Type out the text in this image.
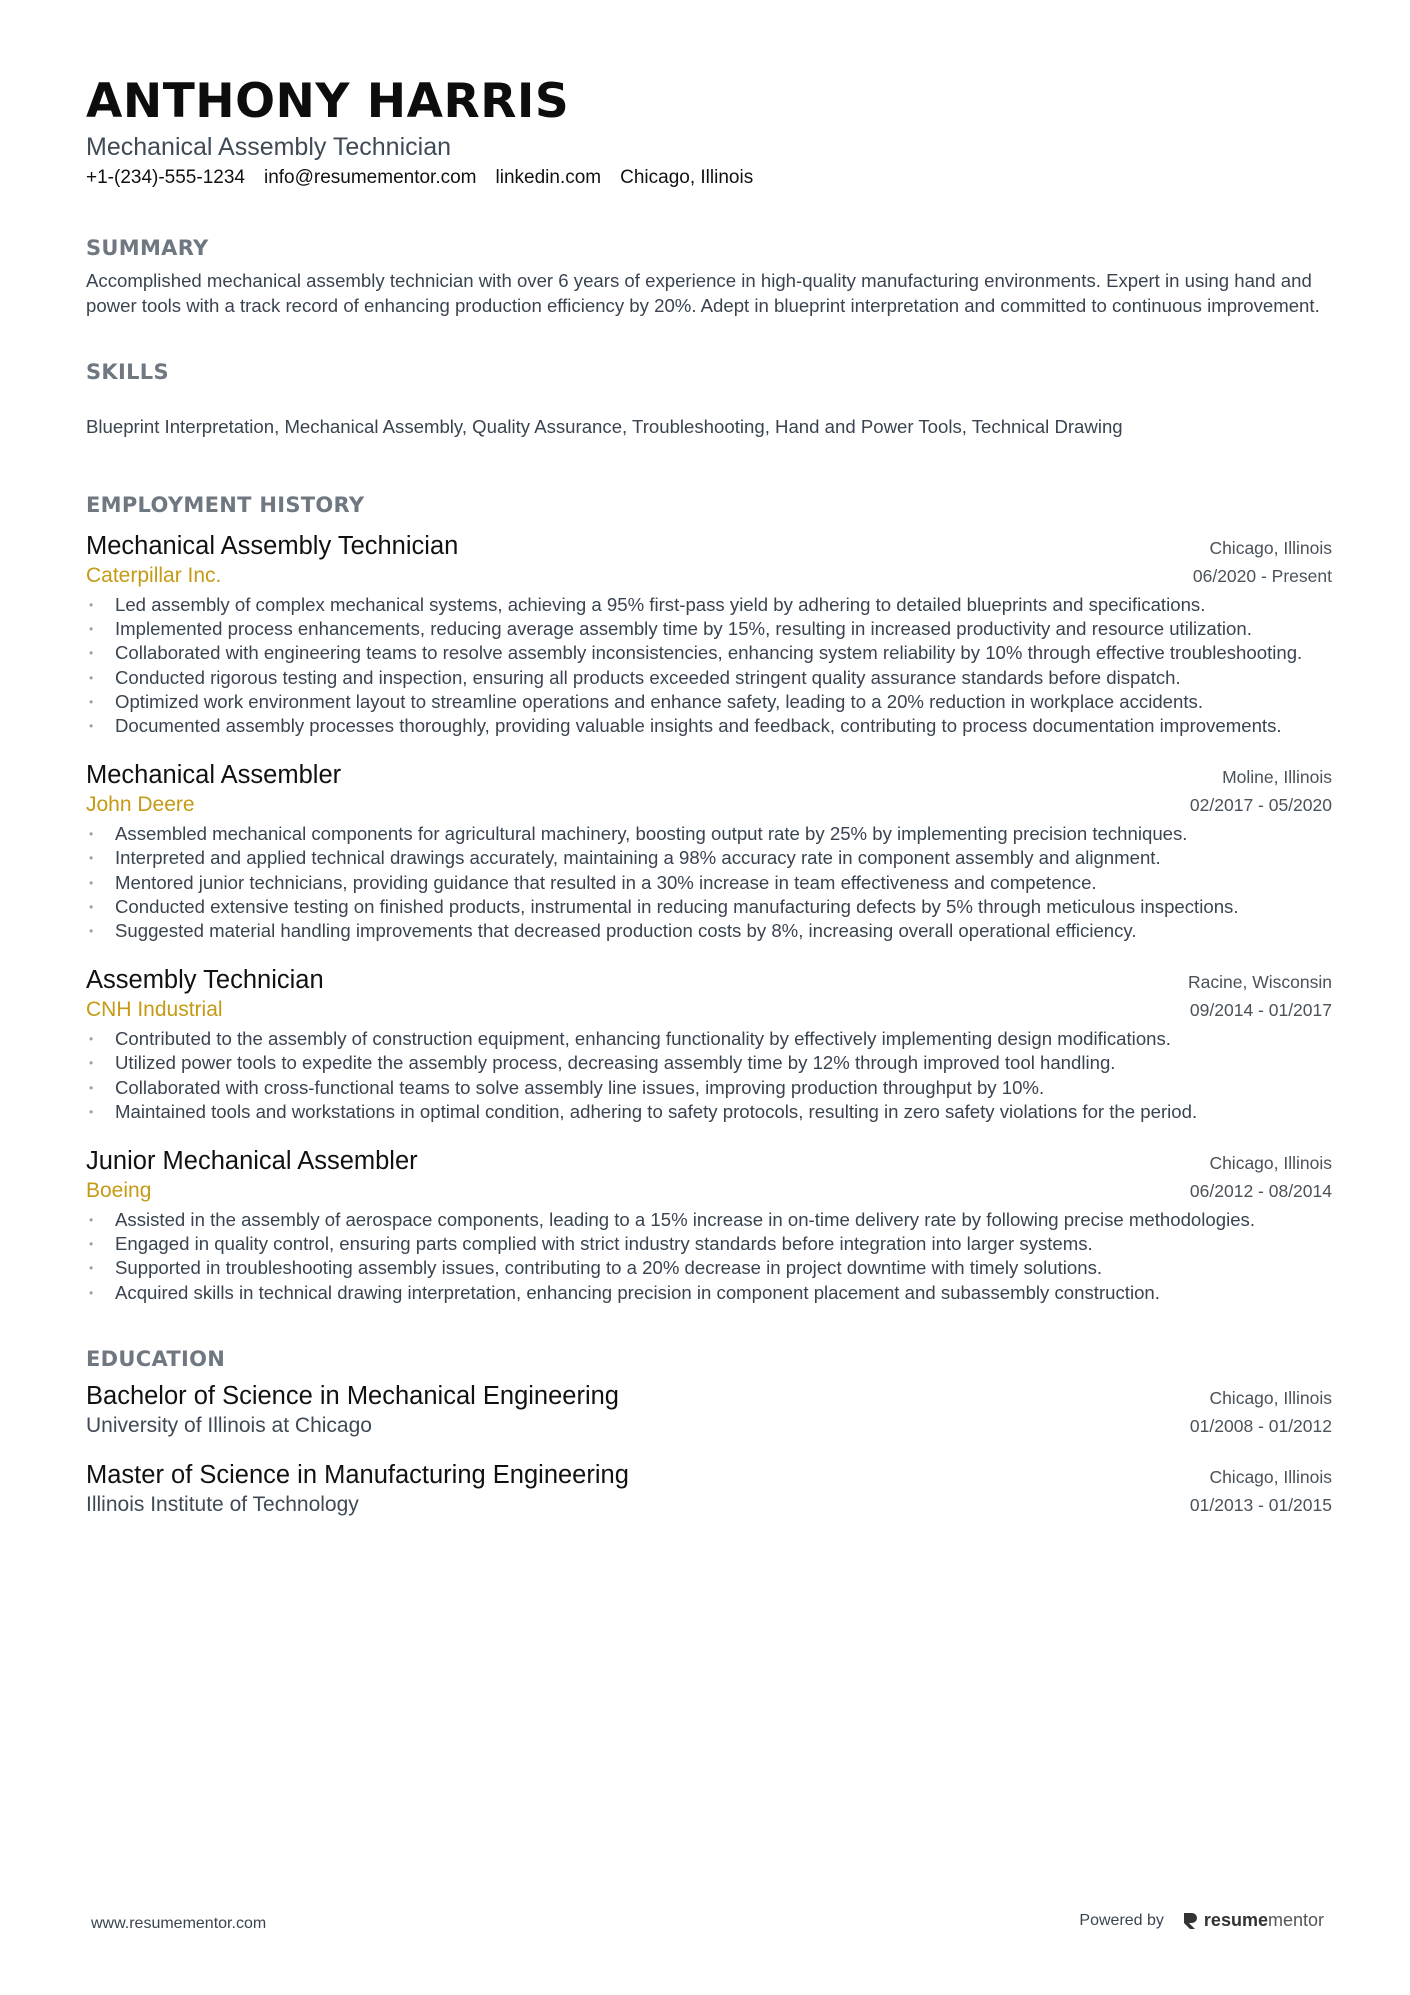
ANTHONY HARRIS
Mechanical Assembly Technician
+1-(234)-555-1234 info@resumementor.com linkedin.com Chicago, Illinois
SUMMARY
Accomplished mechanical assembly technician with over 6 years of experience in high-quality manufacturing environments. Expert in using hand and power tools with a track record of enhancing production efficiency by 20%. Adept in blueprint interpretation and committed to continuous improvement.
SKILLS
Blueprint Interpretation, Mechanical Assembly, Quality Assurance, Troubleshooting, Hand and Power Tools, Technical Drawing
EMPLOYMENT HISTORY
Mechanical Assembly Technician	Chicago, Illinois
Caterpillar Inc.	06/2020 - Present
• Led assembly of complex mechanical systems, achieving a 95% first-pass yield by adhering to detailed blueprints and specifications.
• Implemented process enhancements, reducing average assembly time by 15%, resulting in increased productivity and resource utilization.
• Collaborated with engineering teams to resolve assembly inconsistencies, enhancing system reliability by 10% through effective troubleshooting.
• Conducted rigorous testing and inspection, ensuring all products exceeded stringent quality assurance standards before dispatch.
• Optimized work environment layout to streamline operations and enhance safety, leading to a 20% reduction in workplace accidents.
• Documented assembly processes thoroughly, providing valuable insights and feedback, contributing to process documentation improvements.
Mechanical Assembler	Moline, Illinois
John Deere	02/2017 - 05/2020
• Assembled mechanical components for agricultural machinery, boosting output rate by 25% by implementing precision techniques.
• Interpreted and applied technical drawings accurately, maintaining a 98% accuracy rate in component assembly and alignment.
• Mentored junior technicians, providing guidance that resulted in a 30% increase in team effectiveness and competence.
• Conducted extensive testing on finished products, instrumental in reducing manufacturing defects by 5% through meticulous inspections.
• Suggested material handling improvements that decreased production costs by 8%, increasing overall operational efficiency.
Assembly Technician	Racine, Wisconsin
CNH Industrial	09/2014 - 01/2017
• Contributed to the assembly of construction equipment, enhancing functionality by effectively implementing design modifications.
• Utilized power tools to expedite the assembly process, decreasing assembly time by 12% through improved tool handling.
• Collaborated with cross-functional teams to solve assembly line issues, improving production throughput by 10%.
• Maintained tools and workstations in optimal condition, adhering to safety protocols, resulting in zero safety violations for the period.
Junior Mechanical Assembler	Chicago, Illinois
Boeing	06/2012 - 08/2014
• Assisted in the assembly of aerospace components, leading to a 15% increase in on-time delivery rate by following precise methodologies.
• Engaged in quality control, ensuring parts complied with strict industry standards before integration into larger systems.
• Supported in troubleshooting assembly issues, contributing to a 20% decrease in project downtime with timely solutions.
• Acquired skills in technical drawing interpretation, enhancing precision in component placement and subassembly construction.
EDUCATION
Bachelor of Science in Mechanical Engineering	Chicago, Illinois
University of Illinois at Chicago	01/2008 - 01/2012
Master of Science in Manufacturing Engineering	Chicago, Illinois
Illinois Institute of Technology	01/2013 - 01/2015
www.resumementor.com	Powered by resumementor
